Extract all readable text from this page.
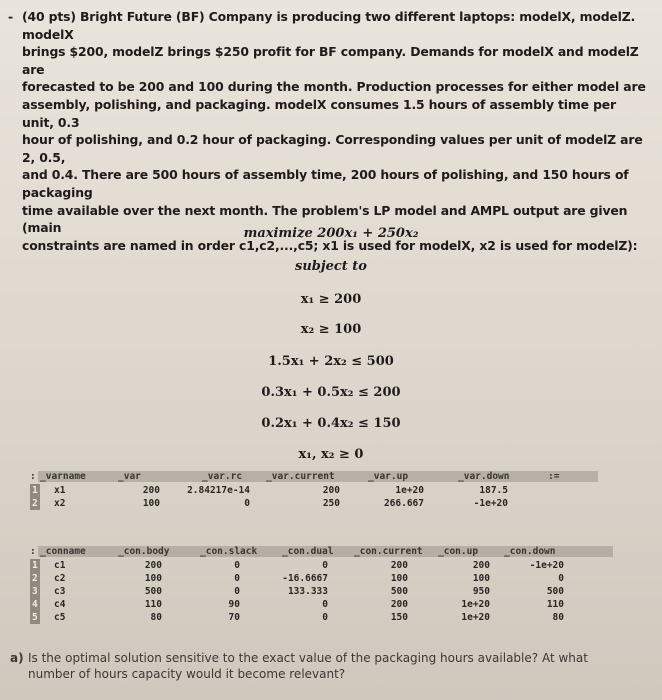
- (40 pts) Bright Future (BF) Company is producing two different laptops: modelX, modelZ. modelX

brings $200, modelZ brings $250 profit for BF company. Demands for modelX and modelZ are

forecasted to be 200 and 100 during the month. Production processes for either model are

assembly, polishing, and packaging. modelX consumes 1.5 hours of assembly time per unit, 0.3

hour of polishing, and 0.2 hour of packaging. Corresponding values per unit of modelZ are 2, 0.5,

and 0.4. There are 500 hours of assembly time, 200 hours of polishing, and 150 hours of packaging

time available over the next month. The problem's LP model and AMPL output are given (main

constraints are named in order c1,c2,...,c5; x1 is used for modelX, x2 is used for modelZ):

maximize 200x₁ + 250x₂
subject to
x₁ ≥ 200
x₂ ≥ 100
1.5x₁ + 2x₂ ≤ 500
0.3x₁ + 0.5x₂ ≤ 200
0.2x₁ + 0.4x₂ ≤ 150
x₁, x₂ ≥ 0
: _varname	_var	_var.rc	_var.current	_var.up	_var.down	:=
1 x1	200	2.84217e-14	200	1e+20	187.5
2 x2	100	0	250	266.667	-1e+20
: _conname	_con.body	_con.slack	_con.dual _con.current _con.up	_con.down
1 c1	200	0	0	200	200	-1e+20
2 c2	100	0	-16.6667	100	100	0
3 c3	500	0	133.333	500	950	500
4 c4	110	90	0	200	1e+20	110
5 c5	80	70	0	150	1e+20	80
a) Is the optimal solution sensitive to the exact value of the packaging hours available? At what
number of hours capacity would it become relevant?
